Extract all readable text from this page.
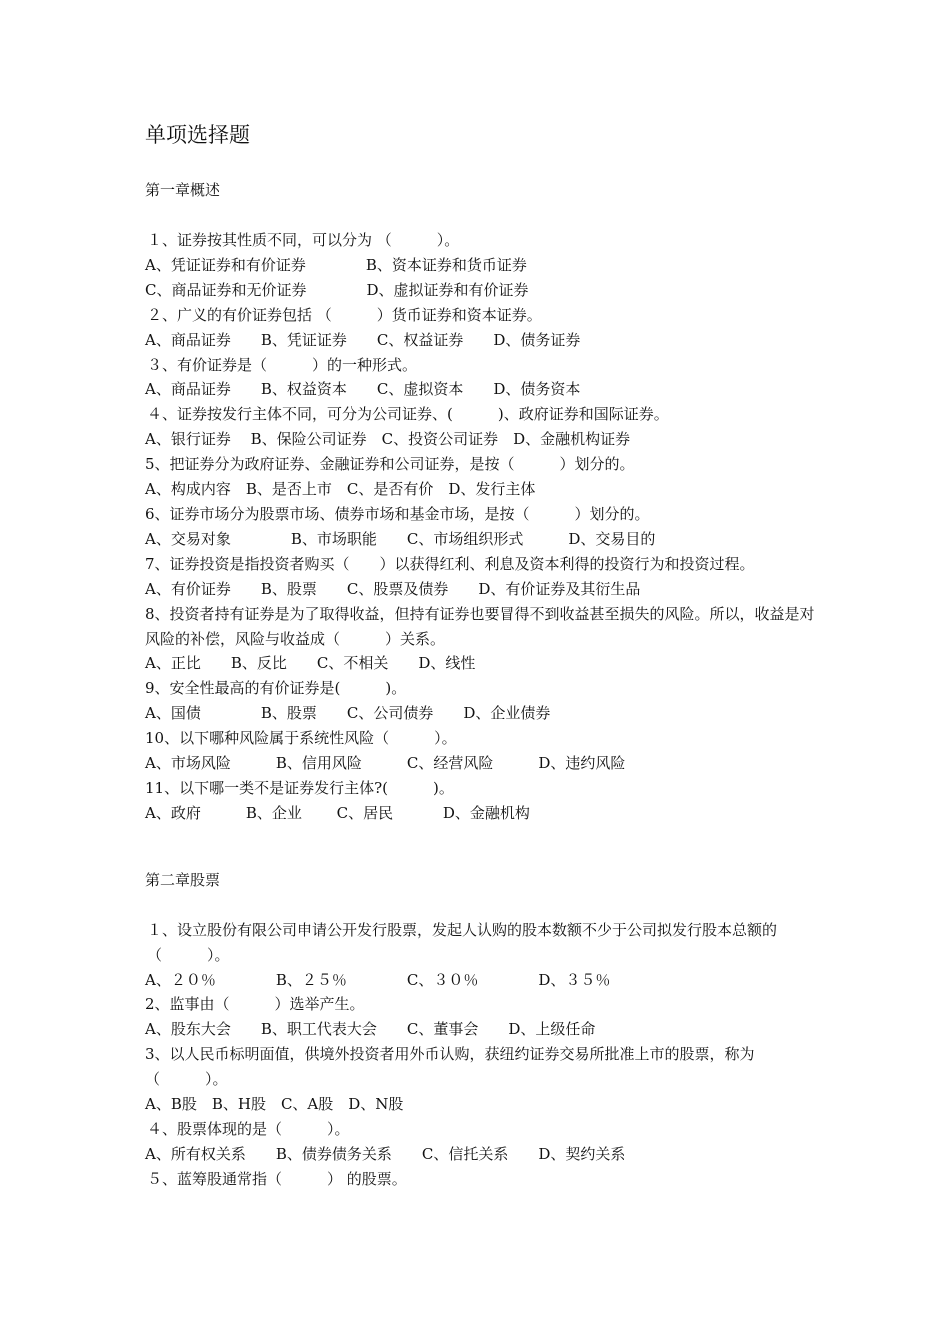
单项选择题
第一章概述
１、证券按其性质不同，可以分为 （　　　）。
A、凭证证券和有价证券　　　　B、资本证券和货币证券
C、商品证券和无价证券　　　　D、虚拟证券和有价证券
２、广义的有价证券包括 （　　　）货币证券和资本证券。
A、商品证券　　B、凭证证券　　C、权益证券　　D、债务证券
３、有价证券是（　　　）的一种形式。
A、商品证券　　B、权益资本　　C、虚拟资本　　D、债务资本
４、证券按发行主体不同，可分为公司证券、(　　　)、政府证券和国际证券。
A、银行证券　 B、保险公司证券　C、投资公司证券　D、金融机构证券
5、把证券分为政府证券、金融证券和公司证券，是按（　　　）划分的。
A、构成内容　B、是否上市　C、是否有价　D、发行主体
6、证券市场分为股票市场、债券市场和基金市场，是按（　　　）划分的。
A、交易对象　　　　B、市场职能　　C、市场组织形式　　　D、交易目的
7、证券投资是指投资者购买（　　）以获得红利、利息及资本利得的投资行为和投资过程。
A、有价证券　　B、股票　　C、股票及债券　　D、有价证券及其衍生品
8、投资者持有证券是为了取得收益，但持有证券也要冒得不到收益甚至损失的风险。所以，收益是对风险的补偿，风险与收益成（　　　）关系。
A、正比　　B、反比　　C、不相关　　D、线性
9、安全性最高的有价证券是(　　　)。
A、国债　　　　B、股票　　C、公司债券　　D、企业债券
10、以下哪种风险属于系统性风险（　　　）。
A、市场风险　　　B、信用风险　　　C、经营风险　　　D、违约风险
11、以下哪一类不是证券发行主体?(　　　)。
A、政府　　　B、企业　　 C、居民　　　 D、金融机构
第二章股票
１、设立股份有限公司申请公开发行股票，发起人认购的股本数额不少于公司拟发行股本总额的（　　　）。
A、２０％　　　　B、２５％　　　　C、３０％　　　　D、３５％
2、监事由（　　　）选举产生。
A、股东大会　　B、职工代表大会　　C、董事会　　D、上级任命
3、以人民币标明面值，供境外投资者用外币认购，获纽约证券交易所批准上市的股票，称为（　　　）。
A、B股　B、H股　C、A股　D、N股
４、股票体现的是（　　　）。
A、所有权关系　　B、债券债务关系　　C、信托关系　　D、契约关系
５、蓝筹股通常指（　　　） 的股票。
